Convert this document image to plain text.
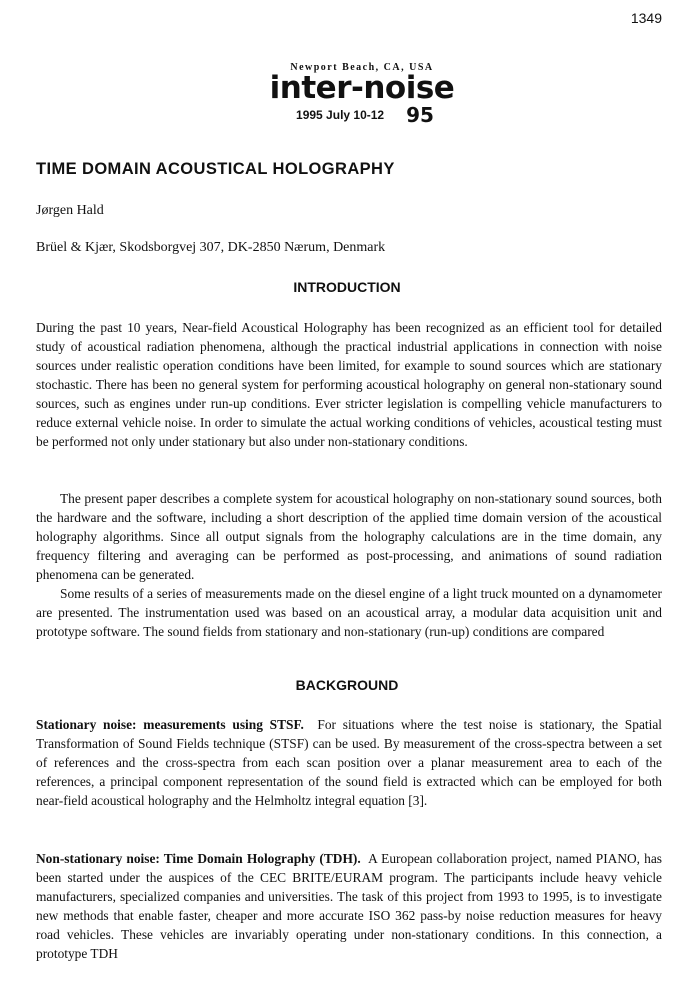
1349
Newport Beach, CA, USA
inter-noise
1995 July 10-12 95
TIME DOMAIN ACOUSTICAL HOLOGRAPHY
Jørgen Hald
Brüel & Kjær, Skodsborgvej 307, DK-2850 Nærum, Denmark
INTRODUCTION

During the past 10 years, Near-field Acoustical Holography has been recognized as an efficient tool for detailed study of acoustical radiation phenomena, although the practical industrial applications in connection with noise sources under realistic operation conditions have been limited, for example to sound sources which are stationary stochastic. There has been no general system for performing acoustical holography on general non-stationary sound sources, such as engines under run-up conditions. Ever stricter legislation is compelling vehicle manufacturers to reduce external vehicle noise. In order to simulate the actual working conditions of vehicles, acoustical testing must be performed not only under stationary but also under non-stationary conditions.

The present paper describes a complete system for acoustical holography on non-stationary sound sources, both the hardware and the software, including a short description of the applied time domain version of the acoustical holography algorithms. Since all output signals from the holography calculations are in the time domain, any frequency filtering and averaging can be performed as post-processing, and animations of sound radiation phenomena can be generated.

Some results of a series of measurements made on the diesel engine of a light truck mounted on a dynamometer are presented. The instrumentation used was based on an acoustical array, a modular data acquisition unit and prototype software. The sound fields from stationary and non-stationary (run-up) conditions are compared

BACKGROUND

Stationary noise: measurements using STSF. For situations where the test noise is stationary, the Spatial Transformation of Sound Fields technique (STSF) can be used. By measurement of the cross-spectra between a set of references and the cross-spectra from each scan position over a planar measurement area to each of the references, a principal component representation of the sound field is extracted which can be employed for both near-field acoustical holography and the Helmholtz integral equation [3].

Non-stationary noise: Time Domain Holography (TDH). A European collaboration project, named PIANO, has been started under the auspices of the CEC BRITE/EURAM program. The participants include heavy vehicle manufacturers, specialized companies and universities. The task of this project from 1993 to 1995, is to investigate new methods that enable faster, cheaper and more accurate ISO 362 pass-by noise reduction measures for heavy road vehicles. These vehicles are invariably operating under non-stationary conditions. In this connection, a prototype TDH
